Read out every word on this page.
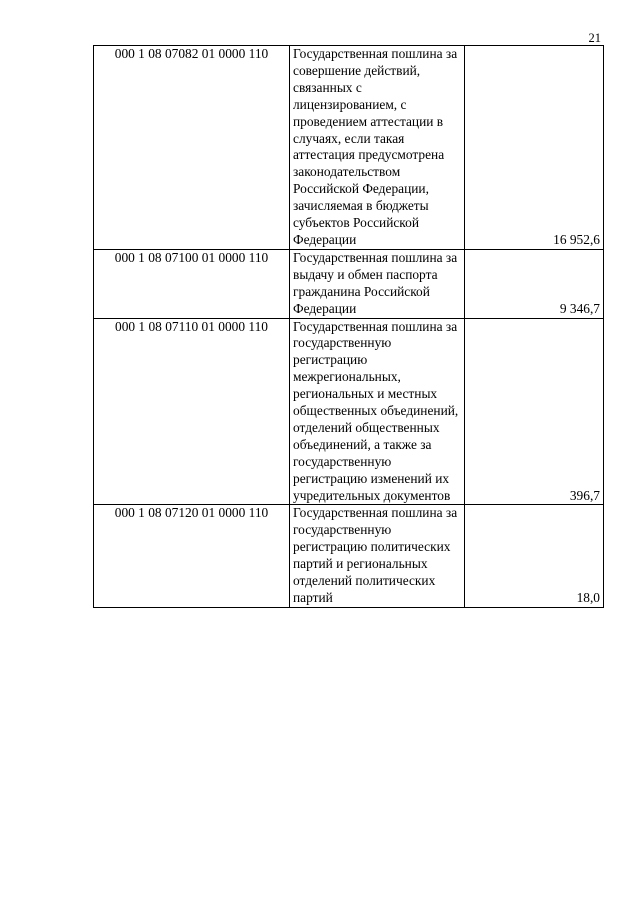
21
000 1 08 07082 01 0000 110	Государственная пошлина за совершение действий, связанных с лицензированием, с проведением аттестации в случаях, если такая аттестация предусмотрена законодательством Российской Федерации, зачисляемая в бюджеты субъектов Российской Федерации	16 952,6
000 1 08 07100 01 0000 110	Государственная пошлина за выдачу и обмен паспорта гражданина Российской Федерации	9 346,7
000 1 08 07110 01 0000 110	Государственная пошлина за государственную регистрацию межрегиональных, региональных и местных общественных объединений, отделений общественных объединений, а также за государственную регистрацию изменений их учредительных документов	396,7
000 1 08 07120 01 0000 110	Государственная пошлина за государственную регистрацию политических партий и региональных отделений политических партий	18,0
